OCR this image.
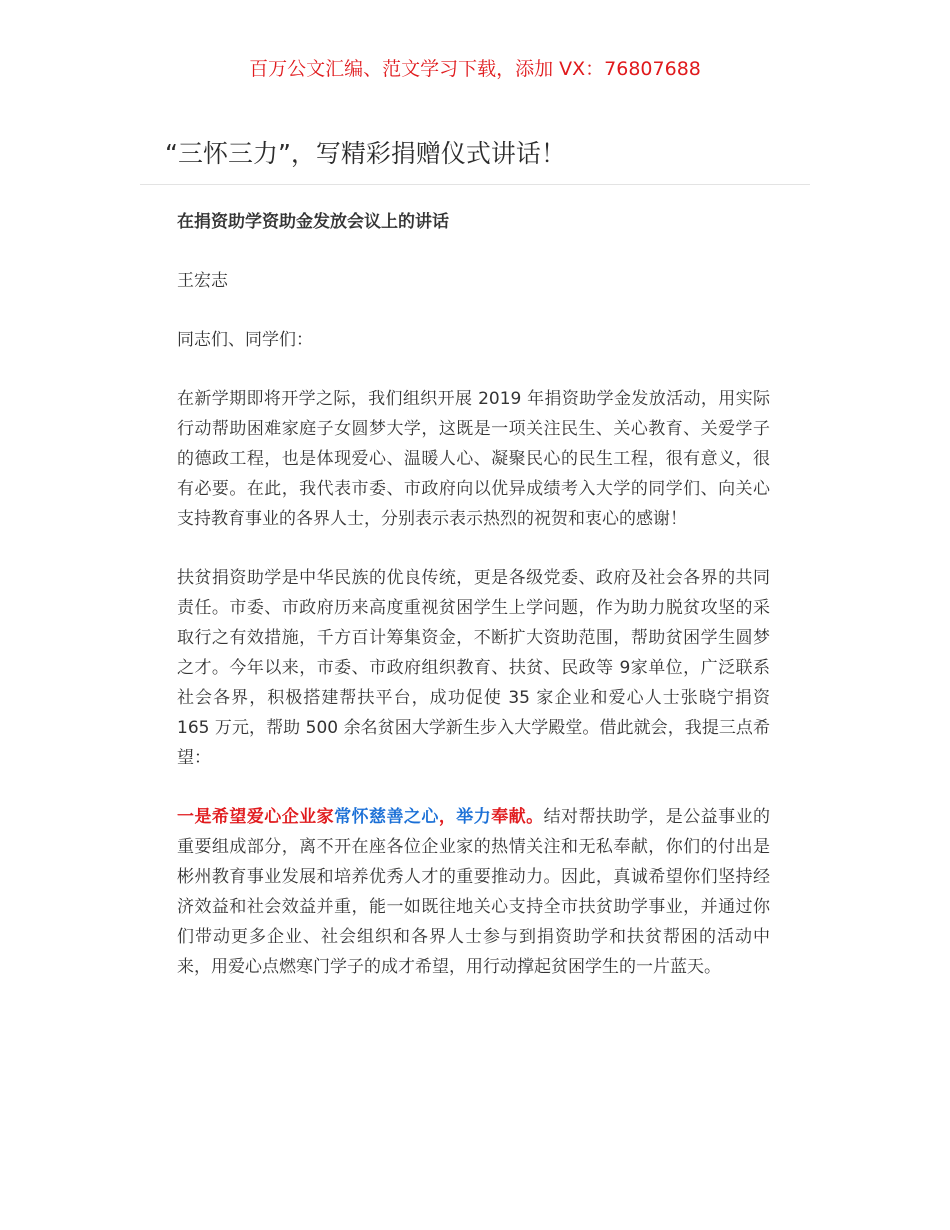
百万公文汇编、范文学习下载，添加 VX：76807688
“三怀三力”，写精彩捐赠仪式讲话！

在捐资助学资助金发放会议上的讲话

王宏志

同志们、同学们：

在新学期即将开学之际，我们组织开展 2019 年捐资助学金发放活动，用实际行动帮助困难家庭子女圆梦大学，这既是一项关注民生、关心教育、关爱学子的德政工程，也是体现爱心、温暖人心、凝聚民心的民生工程，很有意义，很有必要。在此，我代表市委、市政府向以优异成绩考入大学的同学们、向关心支持教育事业的各界人士，分别表示表示热烈的祝贺和衷心的感谢！

扶贫捐资助学是中华民族的优良传统，更是各级党委、政府及社会各界的共同责任。市委、市政府历来高度重视贫困学生上学问题，作为助力脱贫攻坚的采取行之有效措施，千方百计筹集资金，不断扩大资助范围，帮助贫困学生圆梦之才。今年以来，市委、市政府组织教育、扶贫、民政等 9家单位，广泛联系社会各界，积极搭建帮扶平台，成功促使 35 家企业和爱心人士张晓宁捐资 165 万元，帮助 500 余名贫困大学新生步入大学殿堂。借此就会，我提三点希望：

一是希望爱心企业家常怀慈善之心，举力奉献。结对帮扶助学，是公益事业的重要组成部分，离不开在座各位企业家的热情关注和无私奉献，你们的付出是彬州教育事业发展和培养优秀人才的重要推动力。因此，真诚希望你们坚持经济效益和社会效益并重，能一如既往地关心支持全市扶贫助学事业，并通过你们带动更多企业、社会组织和各界人士参与到捐资助学和扶贫帮困的活动中来，用爱心点燃寒门学子的成才希望，用行动撑起贫困学生的一片蓝天。
